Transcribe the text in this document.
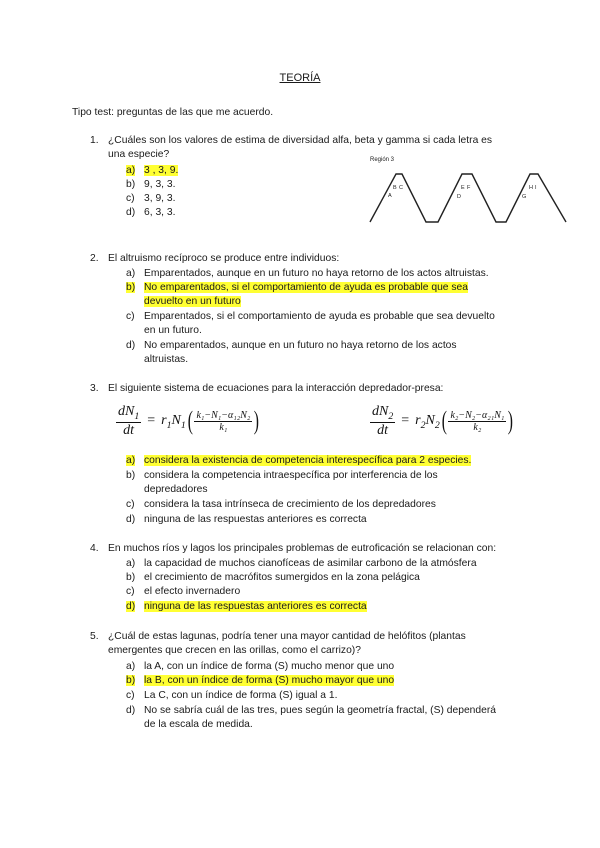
TEORÍA
Tipo test: preguntas de las que me acuerdo.
1. ¿Cuáles son los valores de estima de diversidad alfa, beta y gamma si cada letra es
una especie?
a) 3 , 3, 9.
b) 9, 3, 3.
c) 3, 9, 3.
d) 6, 3, 3.
Región 3
A
B C
D
E F
G
H I
2. El altruismo recíproco se produce entre individuos:
a) Emparentados, aunque en un futuro no haya retorno de los actos altruistas.
b) No emparentados, si el comportamiento de ayuda es probable que sea
devuelto en un futuro
c) Emparentados, si el comportamiento de ayuda es probable que sea devuelto
en un futuro.
d) No emparentados, aunque en un futuro no haya retorno de los actos
altruistas.
3. El siguiente sistema de ecuaciones para la interacción depredador-presa:
$\frac{dN_1}{dt} = r_1N_1$ ( $\frac{\text{k₁−N₁−α₁₂N₂}}{\text{k₁}}$ )	$\frac{dN_2}{dt} = r_2N_2$ ( $\frac{\text{k₂−N₂−α₂₁N₁}}{\text{k₂}}$ )
a) considera la existencia de competencia interespecífica para 2 especies.
b) considera la competencia intraespecífica por interferencia de los
depredadores
c) considera la tasa intrínseca de crecimiento de los depredadores
d) ninguna de las respuestas anteriores es correcta
4. En muchos ríos y lagos los principales problemas de eutroficación se relacionan con:
a) la capacidad de muchos cianofíceas de asimilar carbono de la atmósfera
b) el crecimiento de macrófitos sumergidos en la zona pelágica
c) el efecto invernadero
d) ninguna de las respuestas anteriores es correcta
5. ¿Cuál de estas lagunas, podría tener una mayor cantidad de helófitos (plantas
emergentes que crecen en las orillas, como el carrizo)?
a) la A, con un índice de forma (S) mucho menor que uno
b) la B, con un índice de forma (S) mucho mayor que uno
c) La C, con un índice de forma (S) igual a 1.
d) No se sabría cuál de las tres, pues según la geometría fractal, (S) dependerá
de la escala de medida.
